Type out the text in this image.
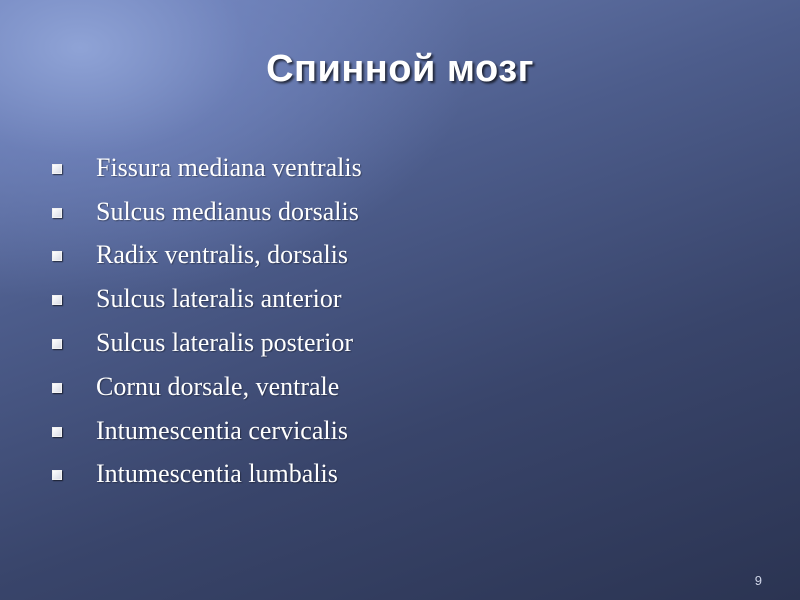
Спинной мозг
Fissura mediana ventralis
Sulcus medianus dorsalis
Radix ventralis, dorsalis
Sulcus lateralis anterior
Sulcus lateralis posterior
Cornu dorsale, ventrale
Intumescentia cervicalis
Intumescentia lumbalis
9
